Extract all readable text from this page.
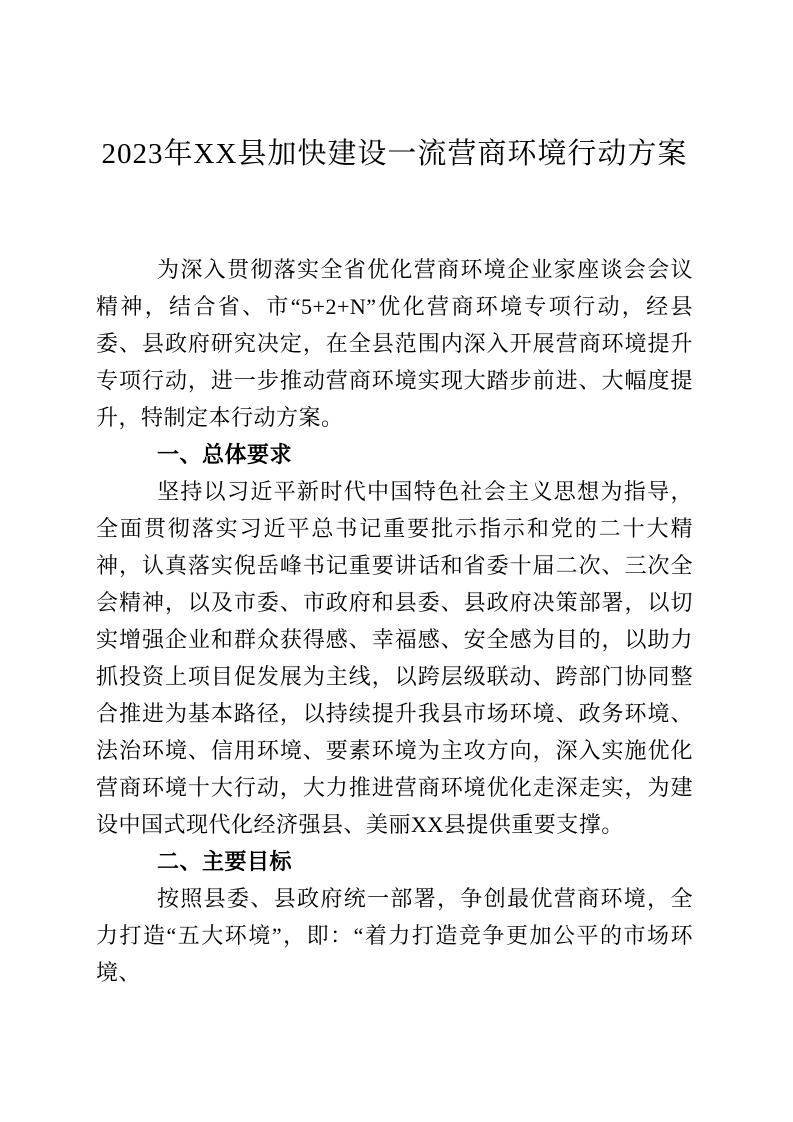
2023年XX县加快建设一流营商环境行动方案

为深入贯彻落实全省优化营商环境企业家座谈会会议精神，结合省、市“5+2+N”优化营商环境专项行动，经县委、县政府研究决定，在全县范围内深入开展营商环境提升专项行动，进一步推动营商环境实现大踏步前进、大幅度提升，特制定本行动方案。

一、总体要求

坚持以习近平新时代中国特色社会主义思想为指导，全面贯彻落实习近平总书记重要批示指示和党的二十大精神，认真落实倪岳峰书记重要讲话和省委十届二次、三次全会精神，以及市委、市政府和县委、县政府决策部署，以切实增强企业和群众获得感、幸福感、安全感为目的，以助力抓投资上项目促发展为主线，以跨层级联动、跨部门协同整合推进为基本路径，以持续提升我县市场环境、政务环境、法治环境、信用环境、要素环境为主攻方向，深入实施优化营商环境十大行动，大力推进营商环境优化走深走实，为建设中国式现代化经济强县、美丽XX县提供重要支撑。

二、主要目标

按照县委、县政府统一部署，争创最优营商环境，全力打造“五大环境”，即：“着力打造竞争更加公平的市场环境、
